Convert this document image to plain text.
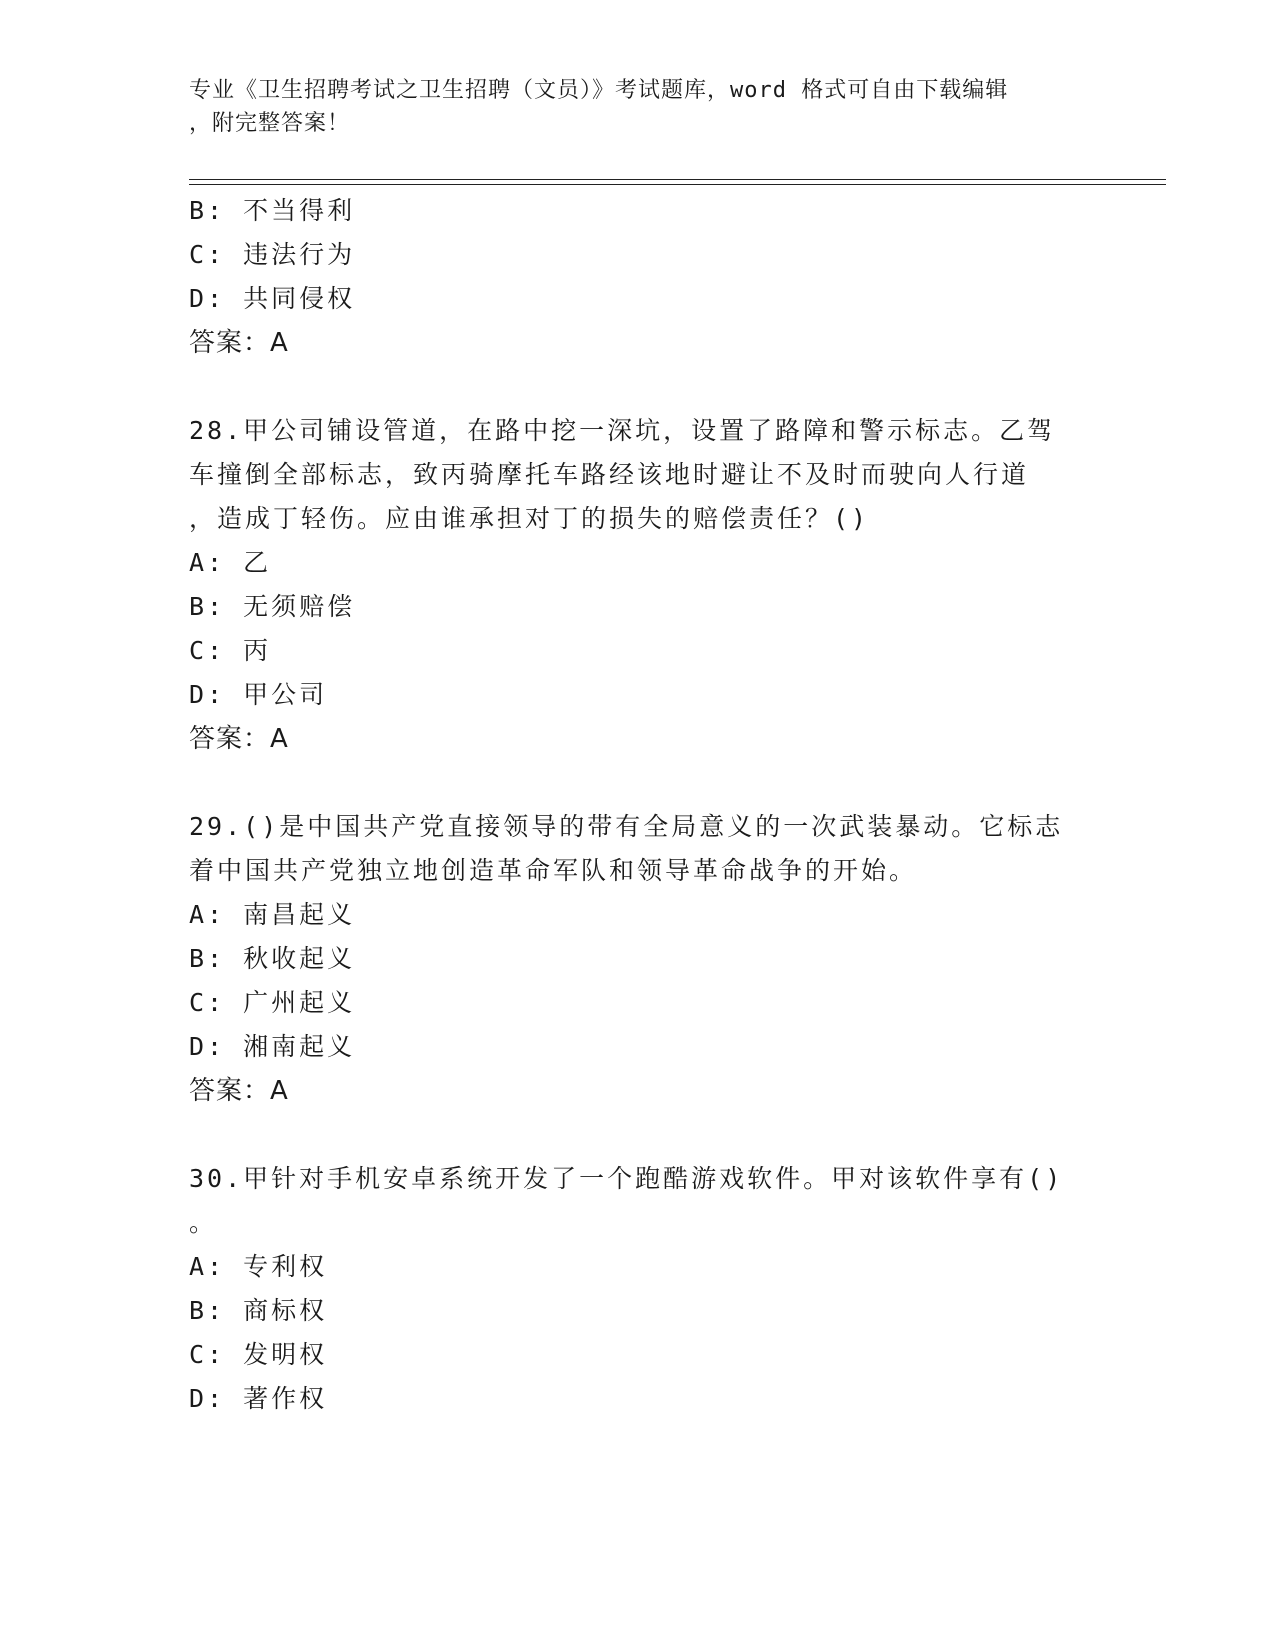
专业《卫生招聘考试之卫生招聘（文员）》考试题库，word 格式可自由下载编辑
，附完整答案！
B: 不当得利
C: 违法行为
D: 共同侵权
答案：A
28.甲公司铺设管道，在路中挖一深坑，设置了路障和警示标志。乙驾
车撞倒全部标志，致丙骑摩托车路经该地时避让不及时而驶向人行道
，造成丁轻伤。应由谁承担对丁的损失的赔偿责任？()
A: 乙
B: 无须赔偿
C: 丙
D: 甲公司
答案：A
29.()是中国共产党直接领导的带有全局意义的一次武装暴动。它标志
着中国共产党独立地创造革命军队和领导革命战争的开始。
A: 南昌起义
B: 秋收起义
C: 广州起义
D: 湘南起义
答案：A
30.甲针对手机安卓系统开发了一个跑酷游戏软件。甲对该软件享有()
。
A: 专利权
B: 商标权
C: 发明权
D: 著作权
